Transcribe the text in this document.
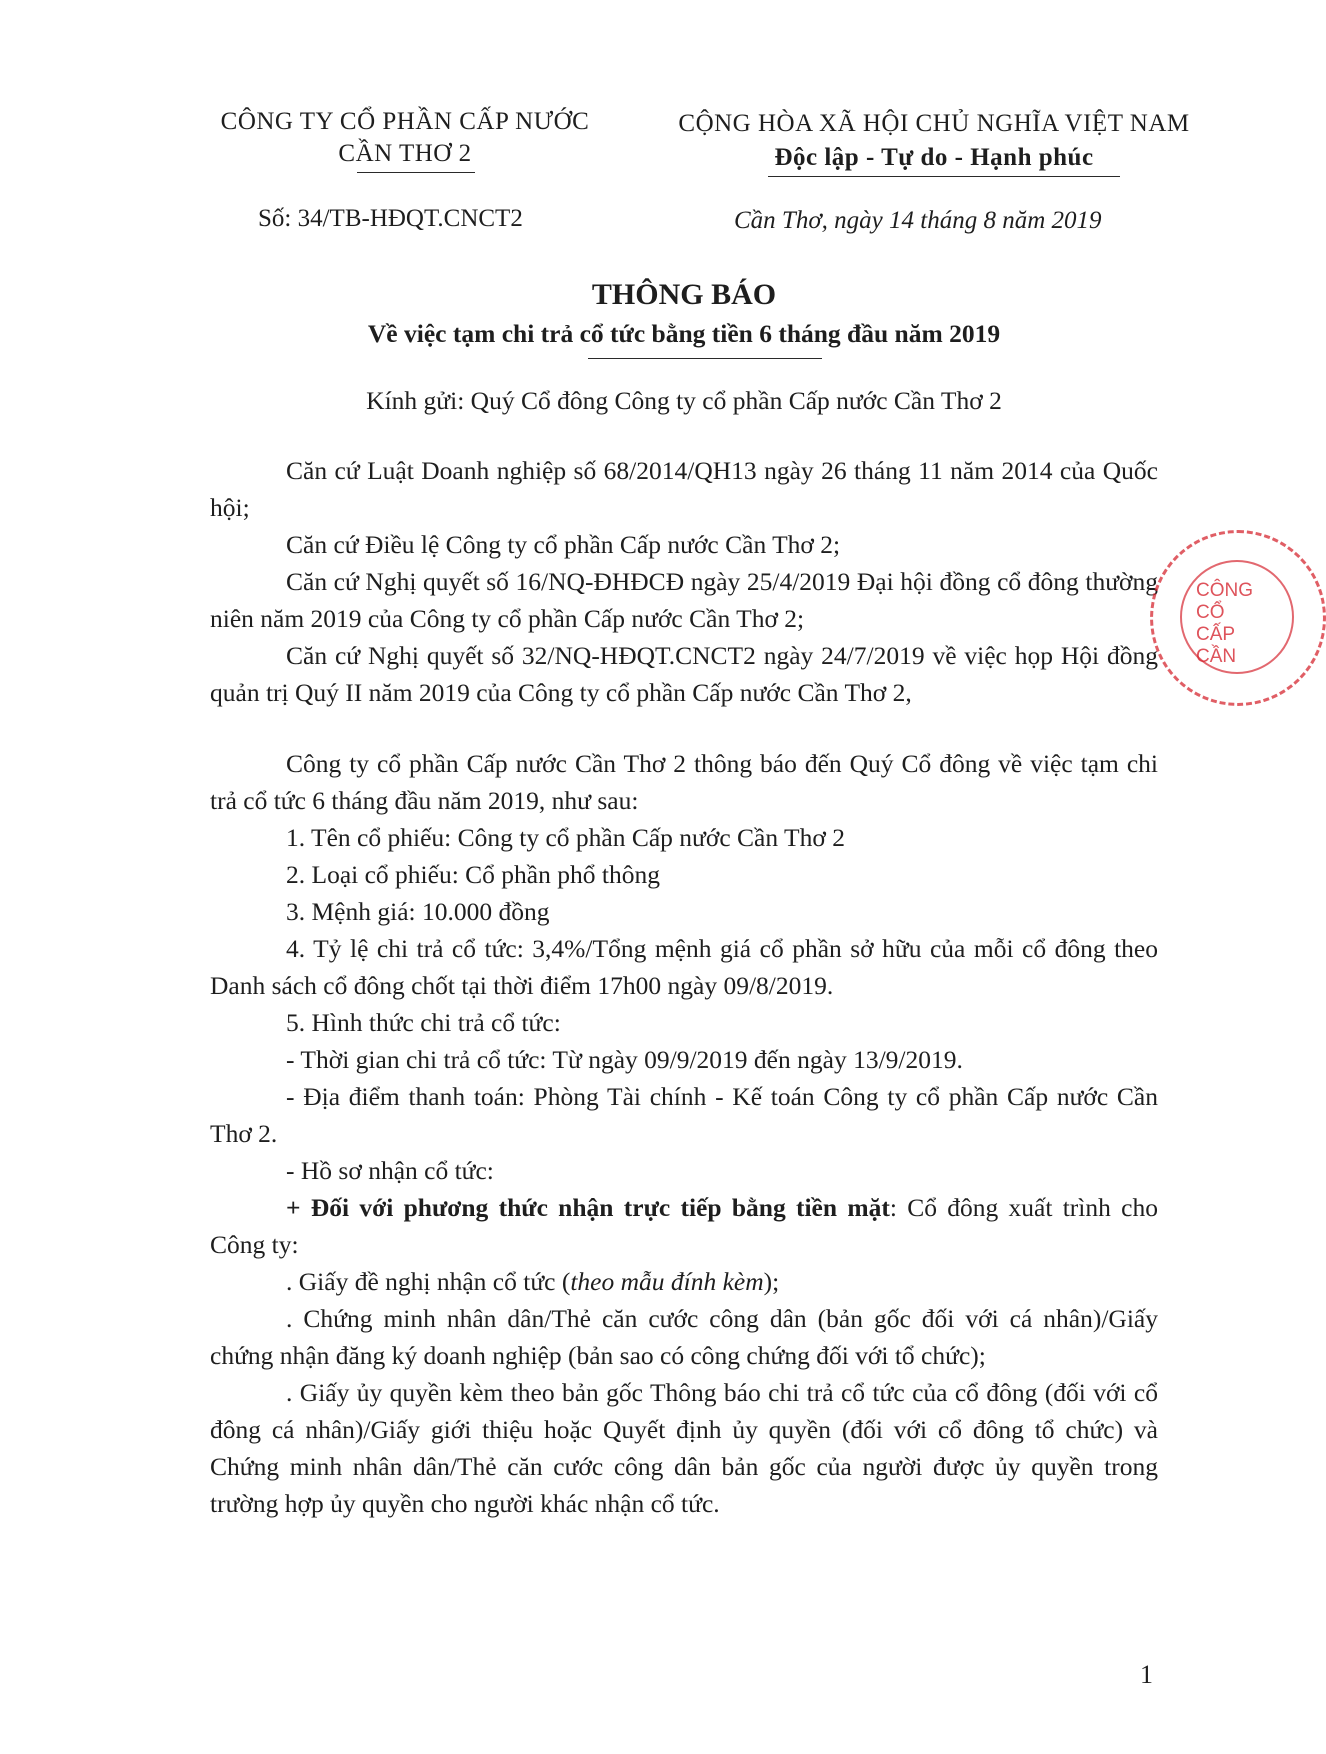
CÔNG TY CỔ PHẦN CẤP NƯỚC
CẦN THƠ 2
CỘNG HÒA XÃ HỘI CHỦ NGHĨA VIỆT NAM
Độc lập - Tự do - Hạnh phúc
Số: 34/TB-HĐQT.CNCT2	Cần Thơ, ngày 14 tháng 8 năm 2019
THÔNG BÁO
Về việc tạm chi trả cổ tức bằng tiền 6 tháng đầu năm 2019
Kính gửi: Quý Cổ đông Công ty cổ phần Cấp nước Cần Thơ 2
Căn cứ Luật Doanh nghiệp số 68/2014/QH13 ngày 26 tháng 11 năm 2014 của Quốc hội;
Căn cứ Điều lệ Công ty cổ phần Cấp nước Cần Thơ 2;
Căn cứ Nghị quyết số 16/NQ-ĐHĐCĐ ngày 25/4/2019 Đại hội đồng cổ đông thường niên năm 2019 của Công ty cổ phần Cấp nước Cần Thơ 2;
Căn cứ Nghị quyết số 32/NQ-HĐQT.CNCT2 ngày 24/7/2019 về việc họp Hội đồng quản trị Quý II năm 2019 của Công ty cổ phần Cấp nước Cần Thơ 2,
Công ty cổ phần Cấp nước Cần Thơ 2 thông báo đến Quý Cổ đông về việc tạm chi trả cổ tức 6 tháng đầu năm 2019, như sau:
1. Tên cổ phiếu: Công ty cổ phần Cấp nước Cần Thơ 2
2. Loại cổ phiếu: Cổ phần phổ thông
3. Mệnh giá: 10.000 đồng
4. Tỷ lệ chi trả cổ tức: 3,4%/Tổng mệnh giá cổ phần sở hữu của mỗi cổ đông theo Danh sách cổ đông chốt tại thời điểm 17h00 ngày 09/8/2019.
5. Hình thức chi trả cổ tức:
- Thời gian chi trả cổ tức: Từ ngày 09/9/2019 đến ngày 13/9/2019.
- Địa điểm thanh toán: Phòng Tài chính - Kế toán Công ty cổ phần Cấp nước Cần Thơ 2.
- Hồ sơ nhận cổ tức:
+ Đối với phương thức nhận trực tiếp bằng tiền mặt: Cổ đông xuất trình cho Công ty:
. Giấy đề nghị nhận cổ tức (theo mẫu đính kèm);
. Chứng minh nhân dân/Thẻ căn cước công dân (bản gốc đối với cá nhân)/Giấy chứng nhận đăng ký doanh nghiệp (bản sao có công chứng đối với tổ chức);
. Giấy ủy quyền kèm theo bản gốc Thông báo chi trả cổ tức của cổ đông (đối với cổ đông cá nhân)/Giấy giới thiệu hoặc Quyết định ủy quyền (đối với cổ đông tổ chức) và Chứng minh nhân dân/Thẻ căn cước công dân bản gốc của người được ủy quyền trong trường hợp ủy quyền cho người khác nhận cổ tức.
CÔNG CỔ CẤP CẦN
1
